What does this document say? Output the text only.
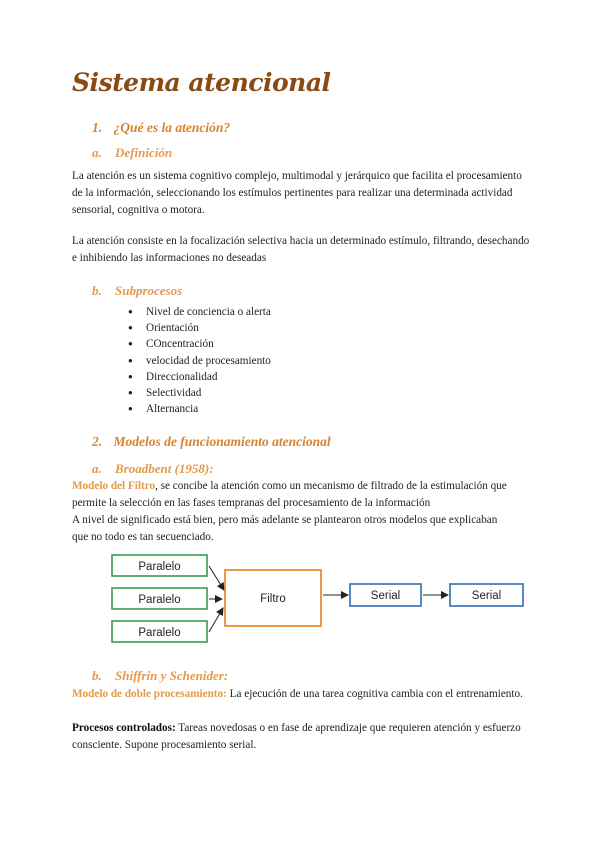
Sistema atencional
1. ¿Qué es la atención?
a. Definición
La atención es un sistema cognitivo complejo, multimodal y jerárquico que facilita el procesamiento de la información, seleccionando los estímulos pertinentes para realizar una determinada actividad sensorial, cognitiva o motora.
La atención consiste en la focalización selectiva hacia un determinado estímulo, filtrando, desechando e inhibiendo las informaciones no deseadas
b. Subprocesos
● Nivel de conciencia o alerta
● Orientación
● COncentración
● velocidad de procesamiento
● Direccionalidad
● Selectividad
● Alternancia
2. Modelos de funcionamiento atencional
a. Broadbent (1958):
Modelo del Filtro, se concibe la atención como un mecanismo de filtrado de la estimulación que permite la selección en las fases tempranas del procesamiento de la información
A nivel de significado está bien, pero más adelante se plantearon otros modelos que explicaban que no todo es tan secuenciado.
Paralelo
Paralelo
Paralelo
Filtro	Serial	Serial
b. Shiffrin y Schenider:
Modelo de doble procesamiento: La ejecución de una tarea cognitiva cambia con el entrenamiento.
Procesos controlados: Tareas novedosas o en fase de aprendizaje que requieren atención y esfuerzo consciente. Supone procesamiento serial.
